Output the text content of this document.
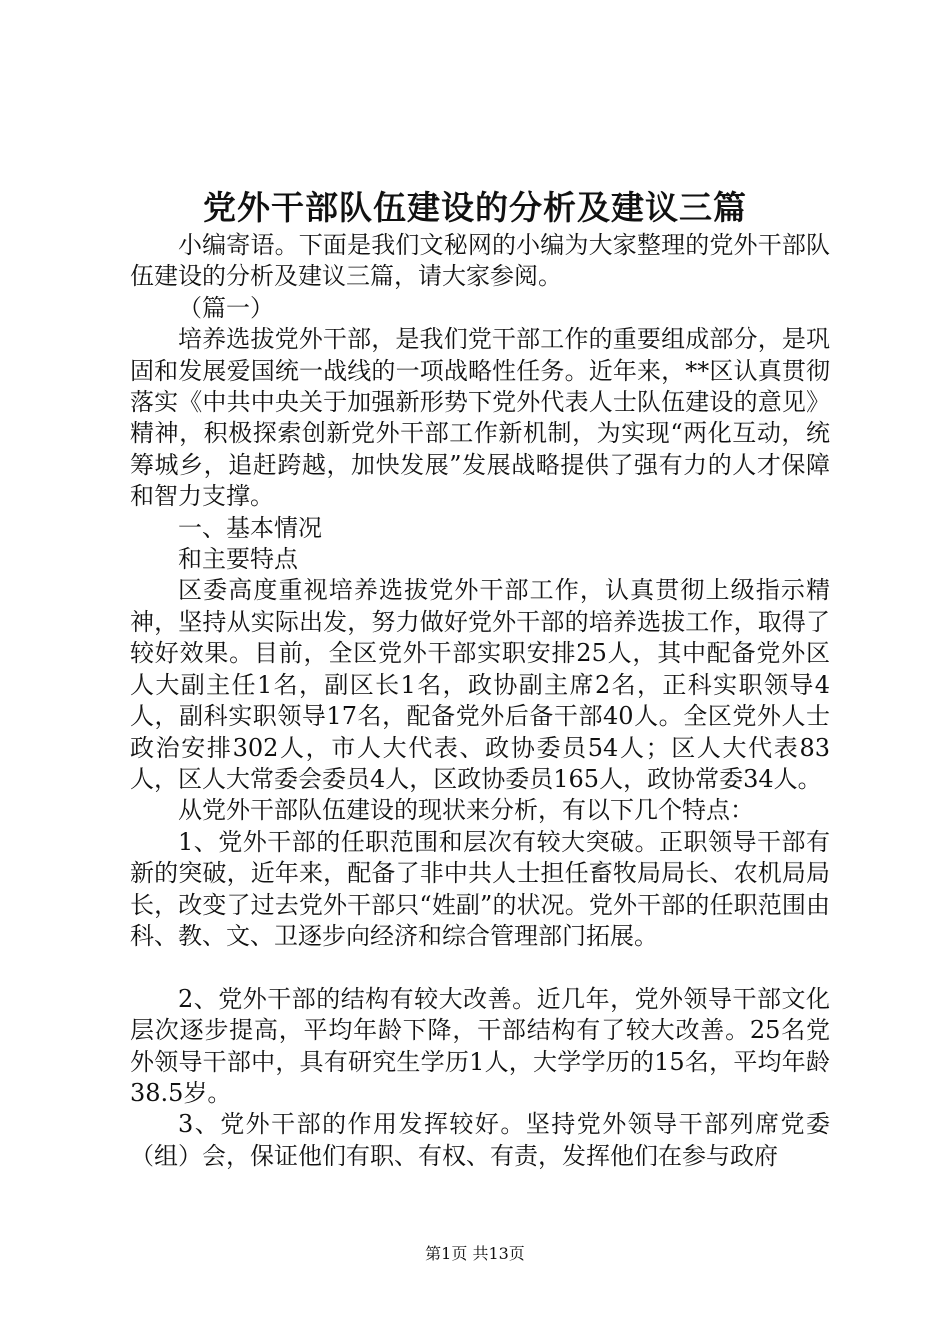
党外干部队伍建设的分析及建议三篇

小编寄语。下面是我们文秘网的小编为大家整理的党外干部队伍建设的分析及建议三篇，请大家参阅。

（篇一）

培养选拔党外干部，是我们党干部工作的重要组成部分，是巩固和发展爱国统一战线的一项战略性任务。近年来，**区认真贯彻落实《中共中央关于加强新形势下党外代表人士队伍建设的意见》精神，积极探索创新党外干部工作新机制，为实现“两化互动，统筹城乡，追赶跨越，加快发展”发展战略提供了强有力的人才保障和智力支撑。

一、基本情况

和主要特点

区委高度重视培养选拔党外干部工作，认真贯彻上级指示精神，坚持从实际出发，努力做好党外干部的培养选拔工作，取得了较好效果。目前，全区党外干部实职安排25人，其中配备党外区人大副主任1名，副区长1名，政协副主席2名，正科实职领导4人，副科实职领导17名，配备党外后备干部40人。全区党外人士政治安排302人，市人大代表、政协委员54人；区人大代表83人，区人大常委会委员4人，区政协委员165人，政协常委34人。

从党外干部队伍建设的现状来分析，有以下几个特点：

1、党外干部的任职范围和层次有较大突破。正职领导干部有新的突破，近年来，配备了非中共人士担任畜牧局局长、农机局局长，改变了过去党外干部只“姓副”的状况。党外干部的任职范围由科、教、文、卫逐步向经济和综合管理部门拓展。

2、党外干部的结构有较大改善。近几年，党外领导干部文化层次逐步提高，平均年龄下降，干部结构有了较大改善。25名党外领导干部中，具有研究生学历1人，大学学历的15名，平均年龄38.5岁。

3、党外干部的作用发挥较好。坚持党外领导干部列席党委（组）会，保证他们有职、有权、有责，发挥他们在参与政府

第1页 共13页
